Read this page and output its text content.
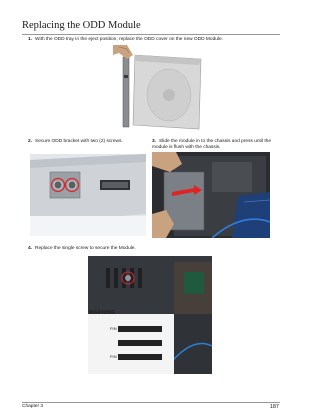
Replacing the ODD Module
1. With the ODD tray in the eject position, replace the ODD cover on the new ODD Module.
2. Secure ODD bracket with two (2) screws.	3. Slide the module in to the chassis and press until the module is flush with the chassis.
4. Replace the single screw to secure the Module.
WARNING
P/N
P/N
Chapter 3	187
